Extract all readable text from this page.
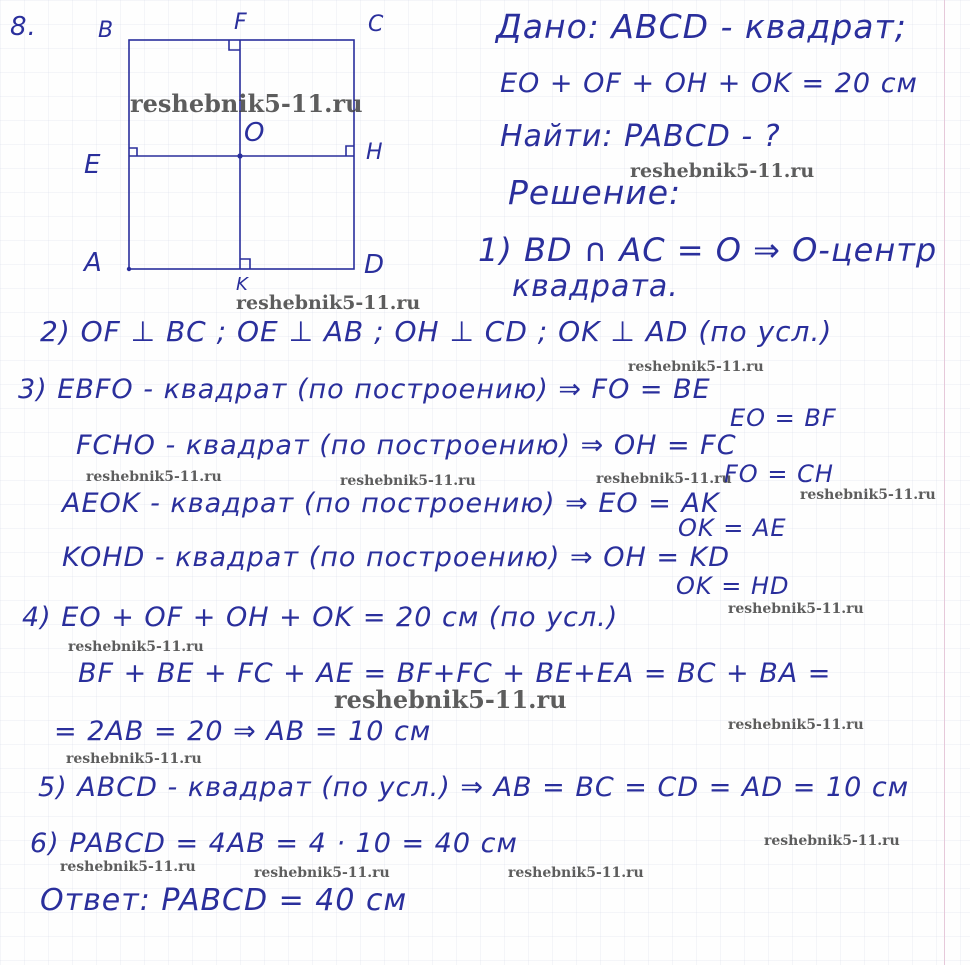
8.	B	F	C
E
O
H
A
K
D
Дано: ABCD - квадрат;
EO + OF + OH + OK = 20 см
Найти: PABCD - ?
Решение:
1) BD ∩ AC = O ⇒ O-центр
квадрата.
2) OF ⊥ BC ; OE ⊥ AB ; OH ⊥ CD ; OK ⊥ AD (по усл.)
3) EBFO - квадрат (по построению) ⇒ FO = BE
EO = BF
FCHO - квадрат (по построению) ⇒ OH = FC
FO = CH
AEOK - квадрат (по построению) ⇒ EO = AK
OK = AE
KOHD - квадрат (по построению) ⇒ OH = KD
OK = HD
4) EO + OF + OH + OK = 20 см (по усл.)
BF + BE + FC + AE = BF+FC + BE+EA = BC + BA =
= 2AB = 20 ⇒ AB = 10 см
5) ABCD - квадрат (по усл.) ⇒ AB = BC = CD = AD = 10 см
6) PABCD = 4AB = 4 · 10 = 40 см
Ответ: PABCD = 40 см
reshebnik5-11.ru
reshebnik5-11.ru
reshebnik5-11.ru
reshebnik5-11.ru
reshebnik5-11.ru	reshebnik5-11.ru	reshebnik5-11.ru
reshebnik5-11.ru
reshebnik5-11.ru
reshebnik5-11.ru
reshebnik5-11.ru
reshebnik5-11.ru
reshebnik5-11.ru
reshebnik5-11.ru
reshebnik5-11.ru	reshebnik5-11.ru	reshebnik5-11.ru
